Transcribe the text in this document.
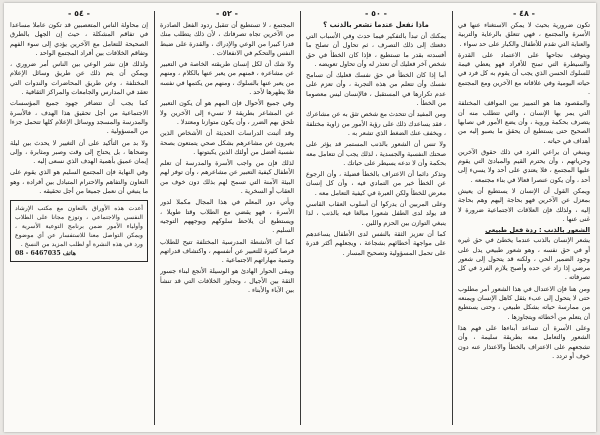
- ٥٤ -

إن محاولة الناس المتعصبين قد تكون عاملا مساعدا في تفاقم المشكلة ، حيث إن الجهل بالطرق الصحيحة للتعامل مع الآخرين يؤدي إلى سوء الفهم وتفاقم الخلافات بين أفراد المجتمع الواحد .

ولذلك فإن نشر الوعي بين الناس أمر ضروري ، ويمكن أن يتم ذلك عن طريق وسائل الإعلام المختلفة ، وعن طريق المحاضرات والندوات التي تعقد في المدارس والجامعات والمراكز الثقافية .

كما يجب أن تتضافر جهود جميع المؤسسات الاجتماعية من أجل تحقيق هذا الهدف ، فالأسرة والمدرسة والمسجد ووسائل الإعلام كلها تتحمل جزءا من المسؤولية .

ولا بد من التأكيد على أن التغيير لا يحدث بين ليلة وضحاها ، بل يحتاج إلى وقت وصبر ومثابرة ، وإلى إيمان عميق بأهمية الهدف الذي نسعى إليه .

وفي النهاية فإن المجتمع السليم هو الذي يقوم على التعاون والتفاهم والاحترام المتبادل بين أفراده ، وهو ما ينبغي أن نعمل جميعا من أجل تحقيقه .

أعدت هذه الأوراق بالتعاون مع مكتب الإرشاد النفسي والاجتماعي ، وتوزع مجانا على الطلاب وأولياء الأمور ضمن برنامج التوعية الأسرية ، ويمكن التواصل معنا للاستفسار عن أي موضوع ورد في هذه النشرة أو لطلب المزيد من النسخ .
08 - 6467035 هاتف
- ٥٢ -

المجتمع ، لا تستطيع أن تتقبل ردود الفعل الصادرة من الآخرين تجاه تصرفاتك ، لأن ذلك يتطلب منك قدرا كبيرا من الوعي والإدراك ، والقدرة على ضبط النفس والتحكم في الانفعالات .

ولا شك أن لكل إنسان طريقته الخاصة في التعبير عن مشاعره ، فمنهم من يعبر عنها بالكلام ، ومنهم من يعبر عنها بالسلوك ، ومنهم من يكتمها في نفسه فلا يظهرها لأحد .

وفي جميع الأحوال فإن المهم هو أن يكون التعبير عن المشاعر بطريقة لا تسيء إلى الآخرين ولا تلحق بهم الضرر ، وأن يكون متوازنا ومعتدلا .

وقد أثبتت الدراسات الحديثة أن الأشخاص الذين يعبرون عن مشاعرهم بشكل صحي يتمتعون بصحة نفسية أفضل من أولئك الذين يكبتونها .

لذلك فإن من واجب الأسرة والمدرسة أن تعلم الأطفال كيفية التعبير عن مشاعرهم ، وأن توفر لهم البيئة الآمنة التي تسمح لهم بذلك دون خوف من العقاب أو السخرية .

ويأتي دور المعلم في هذا المجال مكملا لدور الأسرة ، فهو يقضي مع الطلاب وقتا طويلا ، ويستطيع أن يلاحظ سلوكهم ويوجههم التوجيه السليم .

كما أن الأنشطة المدرسية المختلفة تتيح للطلاب فرصا كثيرة للتعبير عن أنفسهم ، واكتشاف قدراتهم وتنمية مهاراتهم الاجتماعية .

ويبقى الحوار الهادئ هو الوسيلة الأنجع لبناء جسور الثقة بين الأجيال ، وتجاوز الخلافات التي قد تنشأ بين الآباء والأبناء .

- ٥٠ -
ماذا نفعل عندما نشعر بالذنب ؟

يمكنك أن تبدأ بالتفكير فيما حدث وفي الأسباب التي دفعتك إلى ذلك التصرف ، ثم تحاول أن تصلح ما أفسدته بقدر ما تستطيع ، فإذا كان الخطأ في حق شخص آخر فعليك أن تعتذر له وأن تحاول تعويضه .

أما إذا كان الخطأ في حق نفسك فعليك أن تسامح نفسك وأن تتعلم من هذه التجربة ، وأن تعزم على عدم تكرارها في المستقبل ، فالإنسان ليس معصوما من الخطأ .

ومن المفيد أن تتحدث مع شخص تثق به عن مشاعرك ، فقد يساعدك ذلك على رؤية الأمور من زاوية مختلفة ، ويخفف عنك الضغط الذي تشعر به .

ولا تنس أن الشعور بالذنب المستمر قد يؤثر على صحتك النفسية والجسدية ، لذلك يجب أن تتعامل معه بحكمة وأن لا تدعه يسيطر على حياتك .

وتذكر دائما أن الاعتراف بالخطأ فضيلة ، وأن الرجوع عن الخطأ خير من التمادي فيه ، وأن كل إنسان معرض للخطأ ولكن العبرة في كيفية التعامل معه .

وعلى المربين أن يدركوا أن أسلوب العقاب القاسي قد يولد لدى الطفل شعورا مبالغا فيه بالذنب ، لذا ينبغي التوازن بين الحزم واللين .

كما أن تعزيز الثقة بالنفس لدى الأطفال يساعدهم على مواجهة أخطائهم بشجاعة ، ويجعلهم أكثر قدرة على تحمل المسؤولية وتصحيح المسار .

- ٤٨ -

تكون ضرورية بحيث لا يمكن الاستغناء عنها في الأسرة والمجتمع ، فهي تتعلق بالرعاية والتربية والعناية التي تقدم للأطفال والكبار على حد سواء .

ويتوقف نجاحها على الاعتماد على القدرة والسيطرة التي تمنح للأفراد فهو يعطي قيمة للسلوك الحسن الذي يجب أن يقوم به كل فرد في حياته اليومية وفي علاقاته مع الآخرين ومع المجتمع .

والمقصود هنا هو التمييز بين المواقف المختلفة التي يمر بها الإنسان ، والتي تتطلب منه أن يتصرف بحكمة وروية ، وأن يضع الأمور في نصابها الصحيح حتى يستطيع أن يحقق ما يصبو إليه من أهداف في حياته .

وينبغي أن يراعي الفرد في ذلك حقوق الآخرين وحرياتهم ، وأن يحترم القيم والمبادئ التي يقوم عليها المجتمع ، فلا يعتدي على أحد ولا يسيء إلى أحد ، وأن يكون عنصرا فعالا في بناء مجتمعه .

ويمكن القول أن الإنسان لا يستطيع أن يعيش بمعزل عن الآخرين فهو بحاجة إليهم وهم بحاجة إليه ، ولذلك فإن العلاقات الاجتماعية ضرورة لا غنى عنها .

الشعور بالذنب : ردة فعل طبيعي

يشعر الإنسان بالذنب عندما يخطئ في حق غيره أو في حق نفسه ، وهو شعور طبيعي يدل على وجود الضمير الحي ، ولكنه قد يتحول إلى شعور مرضي إذا زاد عن حده وأصبح يلازم الفرد في كل تصرفاته .

ومن هنا فإن الاعتدال في هذا الشعور أمر مطلوب حتى لا يتحول إلى عبء يثقل كاهل الإنسان ويمنعه من ممارسة حياته بشكل طبيعي ، وحتى يستطيع أن يتعلم من أخطائه ويتجاوزها .

وعلى الأسرة أن تساعد أبناءها على فهم هذا الشعور والتعامل معه بطريقة سليمة ، وأن تشجعهم على الاعتراف بالخطأ والاعتذار عنه دون خوف أو تردد .
